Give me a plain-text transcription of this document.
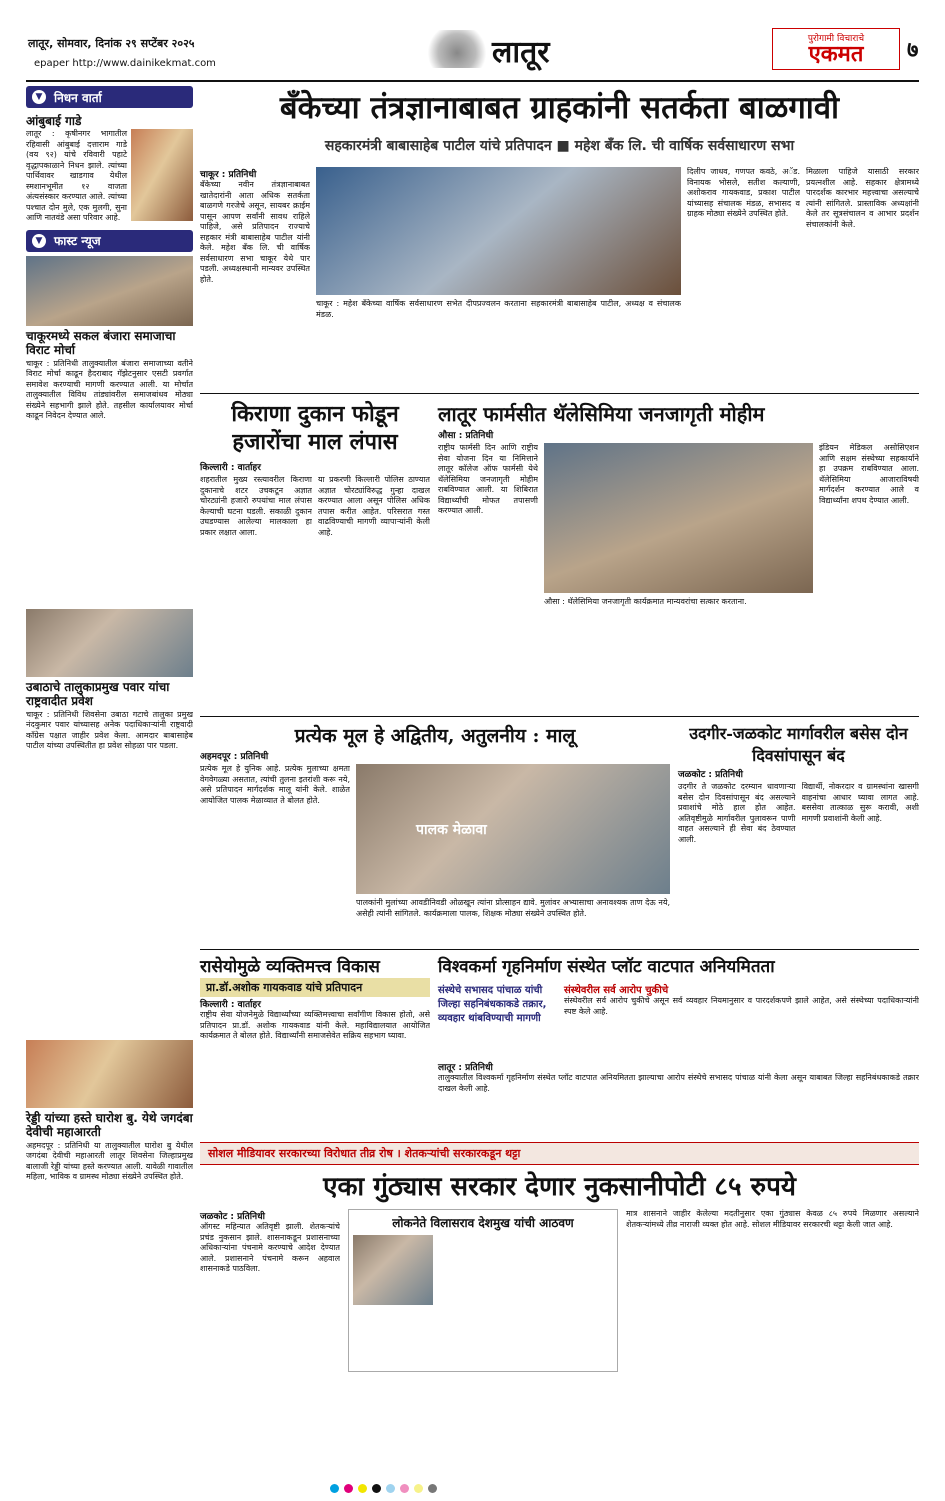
लातूर, सोमवार, दिनांक २९ सप्टेंबर २०२५
epaper http://www.dainikekmat.com	लातूर	पुरोगामी विचाराचे
एकमत	७
▼ निधन वार्ता
आंबुबाई गाडे
लातूर : कृषीनगर भागातील रहिवासी आंबुबाई दत्ताराम गाडे (वय ९२) यांचे रविवारी पहाटे वृद्धापकाळाने निधन झाले. त्यांच्या पार्थिवावर खाडगाव येथील स्मशानभूमीत १२ वाजता अंत्यसंस्कार करण्यात आले. त्यांच्या पश्चात दोन मुले, एक मुलगी, सुना आणि नातवंडे असा परिवार आहे.
▼ फास्ट न्यूज
चाकूरमध्ये सकल बंजारा समाजाचा विराट मोर्चा
चाकूर : प्रतिनिधी तालुक्यातील बंजारा समाजाच्या वतीने विराट मोर्चा काढून हैदराबाद गॅझेटनुसार एसटी प्रवर्गात समावेश करण्याची मागणी करण्यात आली. या मोर्चात तालुक्यातील विविध तांड्यांवरील समाजबांधव मोठ्या संख्येने सहभागी झाले होते. तहसील कार्यालयावर मोर्चा काढून निवेदन देण्यात आले.
उबाठाचे तालुकाप्रमुख पवार यांचा राष्ट्रवादीत प्रवेश
चाकूर : प्रतिनिधी शिवसेना उबाठा गटाचे तालुका प्रमुख नंदकुमार पवार यांच्यासह अनेक पदाधिकाऱ्यांनी राष्ट्रवादी काँग्रेस पक्षात जाहीर प्रवेश केला. आमदार बाबासाहेब पाटील यांच्या उपस्थितीत हा प्रवेश सोहळा पार पडला.
रेड्डी यांच्या हस्ते घारोश बु. येथे जगदंबा देवीची महाआरती
अहमदपूर : प्रतिनिधी या तालुक्यातील घारोश बु येथील जगदंबा देवीची महाआरती लातूर शिवसेना जिल्हाप्रमुख बालाजी रेड्डी यांच्या हस्ते करण्यात आली. यावेळी गावातील महिला, भाविक व ग्रामस्थ मोठ्या संख्येने उपस्थित होते.
बँकेच्या तंत्रज्ञानाबाबत ग्राहकांनी सतर्कता बाळगावी
सहकारमंत्री बाबासाहेब पाटील यांचे प्रतिपादन ■ महेश बँक लि. ची वार्षिक सर्वसाधारण सभा
चाकूर : प्रतिनिधी
बँकेच्या नवीन तंत्रज्ञानाबाबत खातेदारांनी आता अधिक सतर्कता बाळगणे गरजेचे असून, सायबर क्राईम पासून आपण सर्वांनी सावध राहिले पाहिजे, असे प्रतिपादन राज्याचे सहकार मंत्री बाबासाहेब पाटील यांनी केले. महेश बँक लि. ची वार्षिक सर्वसाधारण सभा चाकूर येथे पार पडली. अध्यक्षस्थानी मान्यवर उपस्थित होते.
चाकूर : महेश बँकेच्या वार्षिक सर्वसाधारण सभेत दीपप्रज्वलन करताना सहकारमंत्री बाबासाहेब पाटील, अध्यक्ष व संचालक मंडळ.
दिलीप जाधव, गणपत कवठे, अॅड. विनायक भोसले, सतीश कल्याणी, अशोकराव गायकवाड, प्रकाश पाटील यांच्यासह संचालक मंडळ, सभासद व ग्राहक मोठ्या संख्येने उपस्थित होते.
मिळाला पाहिजे यासाठी सरकार प्रयत्नशील आहे. सहकार क्षेत्रामध्ये पारदर्शक कारभार महत्त्वाचा असल्याचे त्यांनी सांगितले. प्रास्ताविक अध्यक्षांनी केले तर सूत्रसंचालन व आभार प्रदर्शन संचालकांनी केले.
किराणा दुकान फोडून हजारोंचा माल लंपास
किल्लारी : वार्ताहर
शहरातील मुख्य रस्त्यावरील किराणा दुकानाचे शटर उचकटून अज्ञात चोरट्यांनी हजारो रुपयांचा माल लंपास केल्याची घटना घडली. सकाळी दुकान उघडण्यास आलेल्या मालकाला हा प्रकार लक्षात आला.
या प्रकरणी किल्लारी पोलिस ठाण्यात अज्ञात चोरट्यांविरुद्ध गुन्हा दाखल करण्यात आला असून पोलिस अधिक तपास करीत आहेत. परिसरात गस्त वाढविण्याची मागणी व्यापाऱ्यांनी केली आहे.
लातूर फार्मसीत थॅलेसिमिया जनजागृती मोहीम
औसा : प्रतिनिधी
राष्ट्रीय फार्मसी दिन आणि राष्ट्रीय सेवा योजना दिन या निमित्ताने लातूर कॉलेज ऑफ फार्मसी येथे थॅलेसिमिया जनजागृती मोहीम राबविण्यात आली. या शिबिरात विद्यार्थ्यांची मोफत तपासणी करण्यात आली.
औसा : थॅलेसिमिया जनजागृती कार्यक्रमात मान्यवरांचा सत्कार करताना.
इंडियन मेडिकल असोसिएशन आणि सक्षम संस्थेच्या सहकार्याने हा उपक्रम राबविण्यात आला. थॅलेसिमिया आजाराविषयी मार्गदर्शन करण्यात आले व विद्यार्थ्यांना शपथ देण्यात आली.
प्रत्येक मूल हे अद्वितीय, अतुलनीय : मालू
अहमदपूर : प्रतिनिधी
प्रत्येक मूल हे युनिक आहे. प्रत्येक मुलाच्या क्षमता वेगवेगळ्या असतात, त्यांची तुलना इतरांशी करू नये, असे प्रतिपादन मार्गदर्शक मालू यांनी केले. शाळेत आयोजित पालक मेळाव्यात ते बोलत होते.
पालक मेळावा
पालकांनी मुलांच्या आवडीनिवडी ओळखून त्यांना प्रोत्साहन द्यावे. मुलांवर अभ्यासाचा अनावश्यक ताण देऊ नये, असेही त्यांनी सांगितले. कार्यक्रमाला पालक, शिक्षक मोठ्या संख्येने उपस्थित होते.
उदगीर-जळकोट मार्गावरील बसेस दोन दिवसांपासून बंद
जळकोट : प्रतिनिधी
उदगीर ते जळकोट दरम्यान धावणाऱ्या बसेस दोन दिवसांपासून बंद असल्याने प्रवाशांचे मोठे हाल होत आहेत. अतिवृष्टीमुळे मार्गावरील पुलावरून पाणी वाहत असल्याने ही सेवा बंद ठेवण्यात आली.
विद्यार्थी, नोकरदार व ग्रामस्थांना खासगी वाहनांचा आधार घ्यावा लागत आहे. बससेवा तात्काळ सुरू करावी, अशी मागणी प्रवाशांनी केली आहे.
रासेयोमुळे व्यक्तिमत्त्व विकास
प्रा.डॉ.अशोक गायकवाड यांचे प्रतिपादन
किल्लारी : वार्ताहर
राष्ट्रीय सेवा योजनेमुळे विद्यार्थ्यांच्या व्यक्तिमत्त्वाचा सर्वांगीण विकास होतो, असे प्रतिपादन प्रा.डॉ. अशोक गायकवाड यांनी केले. महाविद्यालयात आयोजित कार्यक्रमात ते बोलत होते. विद्यार्थ्यांनी समाजसेवेत सक्रिय सहभाग घ्यावा.
विश्वकर्मा गृहनिर्माण संस्थेत प्लॉट वाटपात अनियमितता
संस्थेचे सभासद पांचाळ यांची जिल्हा सहनिबंधकाकडे तक्रार, व्यवहार थांबविण्याची मागणी
संस्थेवरील सर्व आरोप चुकीचे
संस्थेवरील सर्व आरोप चुकीचे असून सर्व व्यवहार नियमानुसार व पारदर्शकपणे झाले आहेत, असे संस्थेच्या पदाधिकाऱ्यांनी स्पष्ट केले आहे.
लातूर : प्रतिनिधी
तालुक्यातील विश्वकर्मा गृहनिर्माण संस्थेत प्लॉट वाटपात अनियमितता झाल्याचा आरोप संस्थेचे सभासद पांचाळ यांनी केला असून याबाबत जिल्हा सहनिबंधकाकडे तक्रार दाखल केली आहे.
सोशल मीडियावर सरकारच्या विरोधात तीव्र रोष । शेतकऱ्यांची सरकारकडून थट्टा
एका गुंठ्यास सरकार देणार नुकसानीपोटी ८५ रुपये
जळकोट : प्रतिनिधी
ऑगस्ट महिन्यात अतिवृष्टी झाली. शेतकऱ्यांचे प्रचंड नुकसान झाले. शासनाकडून प्रशासनाच्या अधिकाऱ्यांना पंचनामे करण्याचे आदेश देण्यात आले. प्रशासनाने पंचनामे करून अहवाल शासनाकडे पाठविला.
लोकनेते विलासराव देशमुख यांची आठवण
मात्र शासनाने जाहीर केलेल्या मदतीनुसार एका गुंठ्यास केवळ ८५ रुपये मिळणार असल्याने शेतकऱ्यांमध्ये तीव्र नाराजी व्यक्त होत आहे. सोशल मीडियावर सरकारची थट्टा केली जात आहे.
